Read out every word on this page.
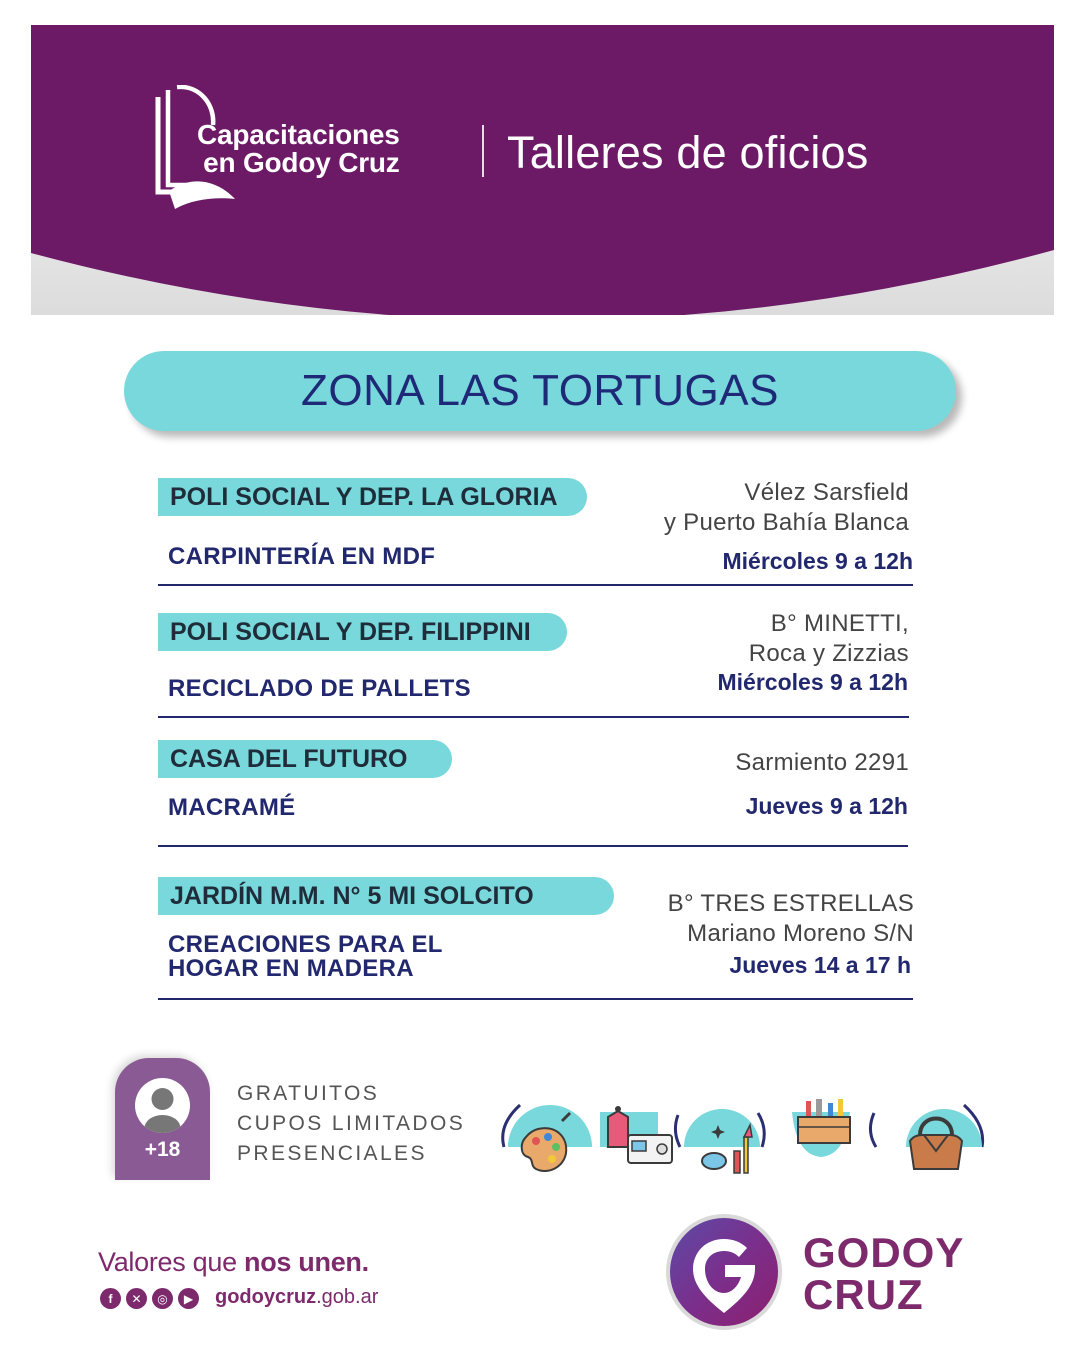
Capacitaciones
en Godoy Cruz Talleres de oficios
ZONA LAS TORTUGAS
POLI SOCIAL Y DEP. LA GLORIA
CARPINTERÍA EN MDF
Vélez Sarsfield
y Puerto Bahía Blanca
Miércoles 9 a 12h
POLI SOCIAL Y DEP. FILIPPINI
RECICLADO DE PALLETS
B° MINETTI,
Roca y Zizzias
Miércoles 9 a 12h
CASA DEL FUTURO
MACRAMÉ
Sarmiento 2291
Jueves 9 a 12h
JARDÍN M.M. N° 5 MI SOLCITO
CREACIONES PARA EL
HOGAR EN MADERA
B° TRES ESTRELLAS
Mariano Moreno S/N
Jueves 14 a 17 h
+18
GRATUITOS
CUPOS LIMITADOS
PRESENCIALES
Valores que nos unen.
f	✕	◎	▶ godoycruz.gob.ar
GODOY
CRUZ
